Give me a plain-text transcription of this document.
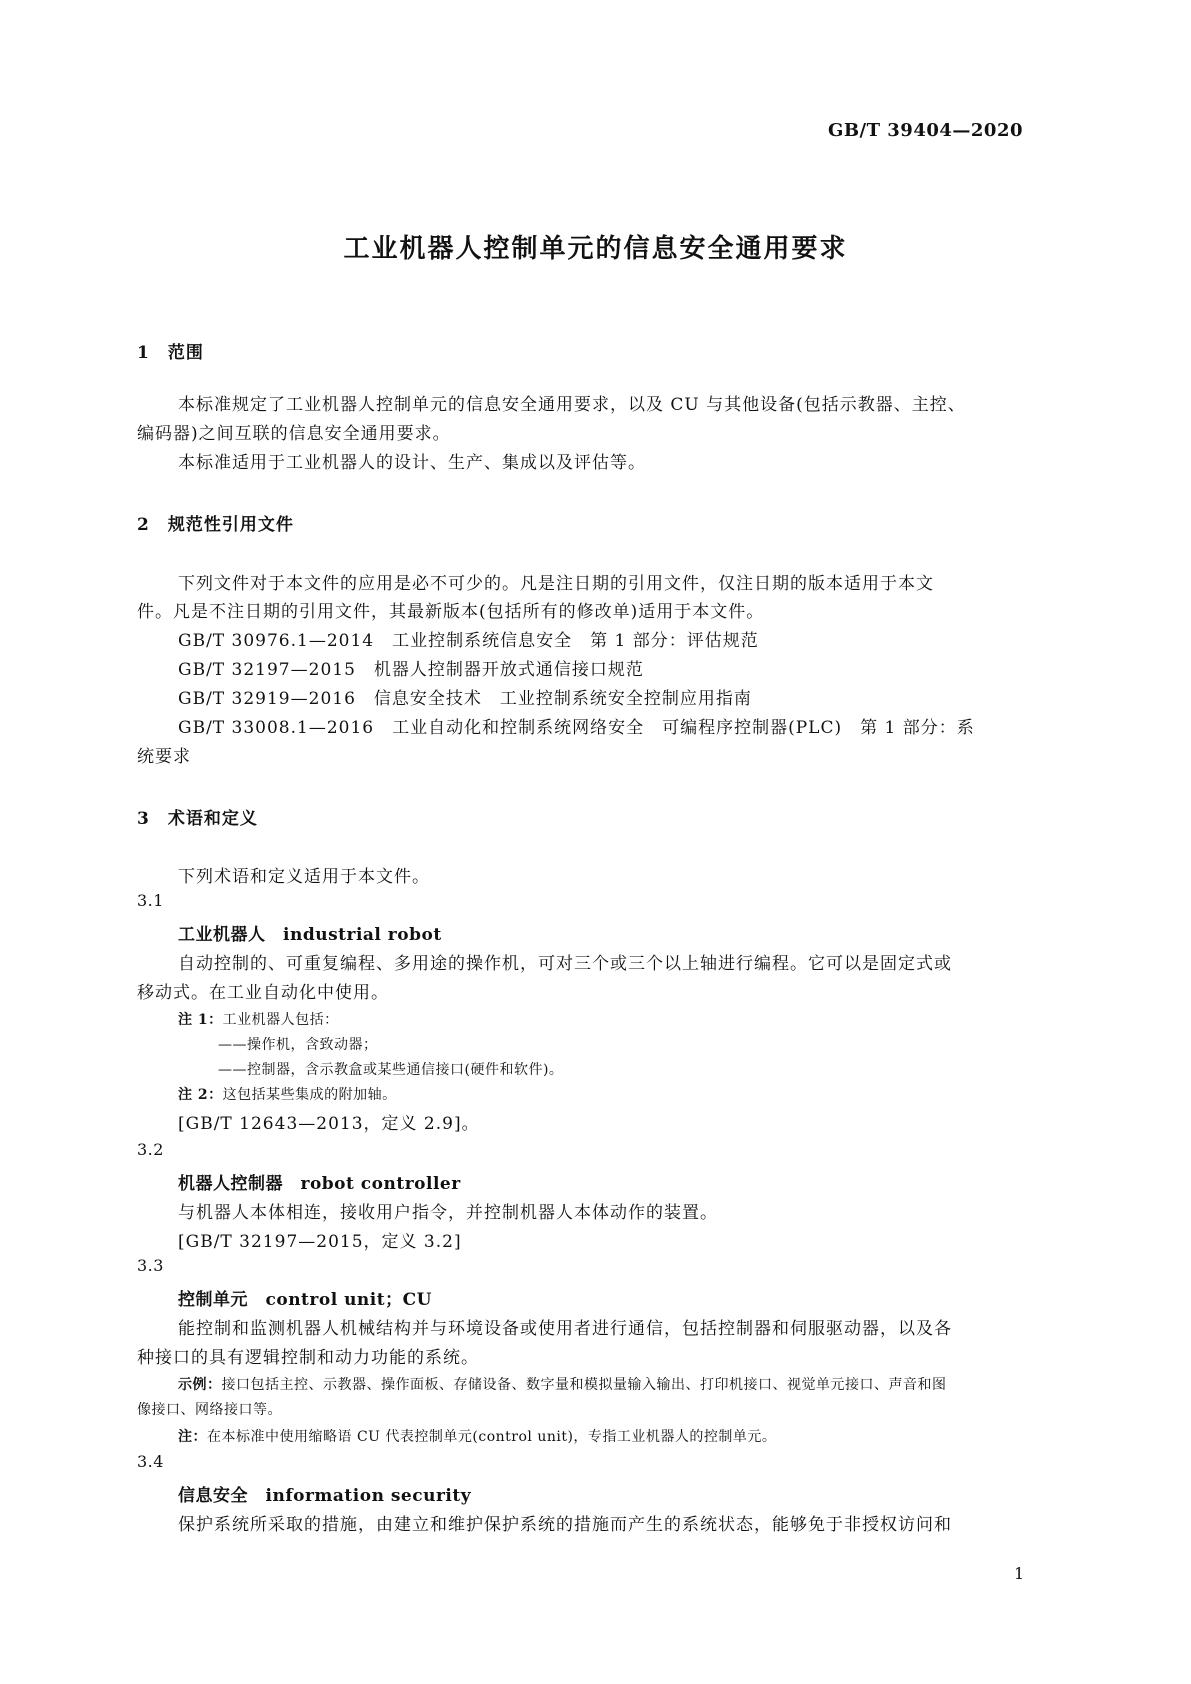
GB/T 39404—2020
工业机器人控制单元的信息安全通用要求
1　范围
本标准规定了工业机器人控制单元的信息安全通用要求，以及 CU 与其他设备(包括示教器、主控、
编码器)之间互联的信息安全通用要求。
本标准适用于工业机器人的设计、生产、集成以及评估等。
2　规范性引用文件
下列文件对于本文件的应用是必不可少的。凡是注日期的引用文件，仅注日期的版本适用于本文
件。凡是不注日期的引用文件，其最新版本(包括所有的修改单)适用于本文件。
GB/T 30976.1—2014　工业控制系统信息安全　第 1 部分：评估规范
GB/T 32197—2015　机器人控制器开放式通信接口规范
GB/T 32919—2016　信息安全技术　工业控制系统安全控制应用指南
GB/T 33008.1—2016　工业自动化和控制系统网络安全　可编程序控制器(PLC)　第 1 部分：系
统要求
3　术语和定义
下列术语和定义适用于本文件。
3.1
工业机器人　industrial robot
自动控制的、可重复编程、多用途的操作机，可对三个或三个以上轴进行编程。它可以是固定式或
移动式。在工业自动化中使用。
注 1：工业机器人包括：
——操作机，含致动器；
——控制器，含示教盒或某些通信接口(硬件和软件)。
注 2：这包括某些集成的附加轴。
[GB/T 12643—2013，定义 2.9]。
3.2
机器人控制器　robot controller
与机器人本体相连，接收用户指令，并控制机器人本体动作的装置。
[GB/T 32197—2015，定义 3.2]
3.3
控制单元　control unit；CU
能控制和监测机器人机械结构并与环境设备或使用者进行通信，包括控制器和伺服驱动器，以及各
种接口的具有逻辑控制和动力功能的系统。
示例：接口包括主控、示教器、操作面板、存储设备、数字量和模拟量输入输出、打印机接口、视觉单元接口、声音和图
像接口、网络接口等。
注：在本标准中使用缩略语 CU 代表控制单元(control unit)，专指工业机器人的控制单元。
3.4
信息安全　information security
保护系统所采取的措施，由建立和维护保护系统的措施而产生的系统状态，能够免于非授权访问和
1
